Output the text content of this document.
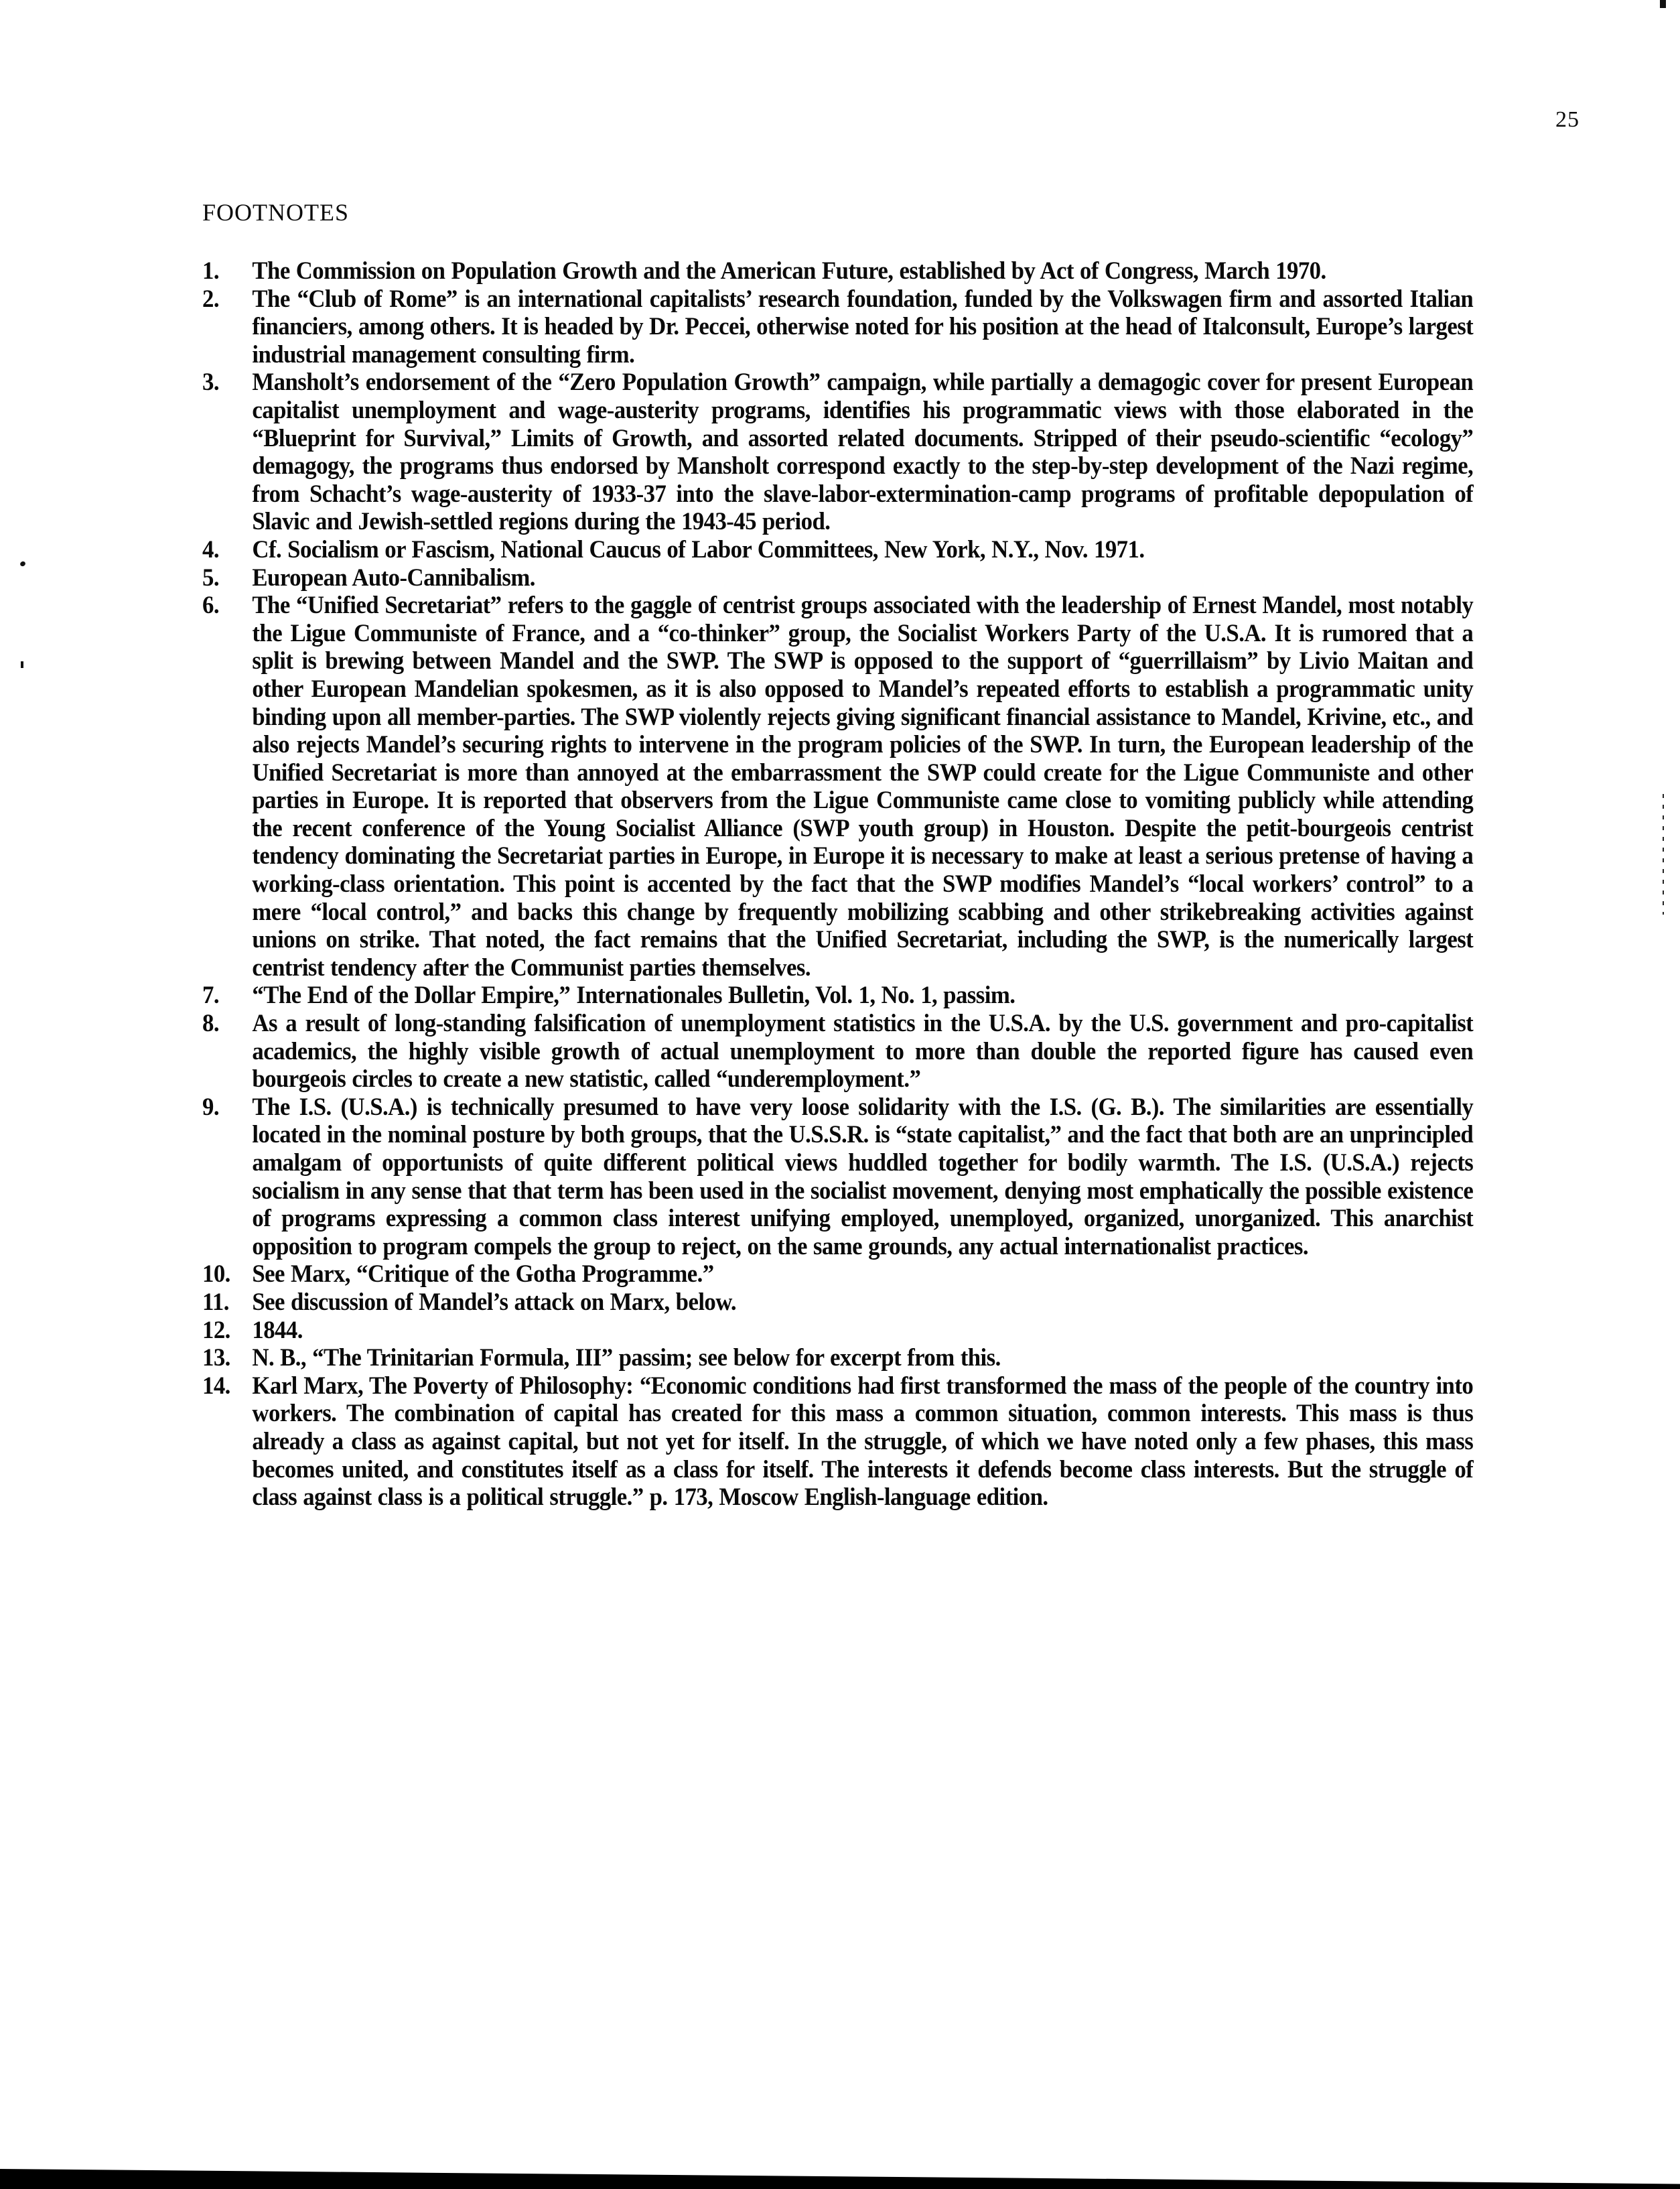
25
FOOTNOTES
1.	The Commission on Population Growth and the American Future, established by Act of Congress, March 1970.
2.	The “Club of Rome” is an international capitalists’ research foundation, funded by the Volkswagen firm and assorted Italian financiers, among others. It is headed by Dr. Peccei, otherwise noted for his position at the head of Italconsult, Europe’s largest industrial management consulting firm.
3.	Mansholt’s endorsement of the “Zero Population Growth” campaign, while partially a demagogic cover for present European capitalist unemployment and wage-austerity programs, identifies his programmatic views with those elaborated in the “Blueprint for Survival,” Limits of Growth, and assorted related documents. Stripped of their pseudo-scientific “ecology” demagogy, the programs thus endorsed by Mansholt correspond exactly to the step-by-step development of the Nazi regime, from Schacht’s wage-austerity of 1933-37 into the slave-labor-extermination-camp programs of profitable depopulation of Slavic and Jewish-settled regions during the 1943-45 period.
4.	Cf. Socialism or Fascism, National Caucus of Labor Committees, New York, N.Y., Nov. 1971.
5.	European Auto-Cannibalism.
6.	The “Unified Secretariat” refers to the gaggle of centrist groups associated with the leadership of Ernest Mandel, most notably the Ligue Communiste of France, and a “co-thinker” group, the Socialist Workers Party of the U.S.A. It is rumored that a split is brewing between Mandel and the SWP. The SWP is opposed to the support of “guerrillaism” by Livio Maitan and other European Mandelian spokesmen, as it is also opposed to Mandel’s repeated efforts to establish a programmatic unity binding upon all member-parties. The SWP violently rejects giving significant financial assistance to Mandel, Krivine, etc., and also rejects Mandel’s securing rights to intervene in the program policies of the SWP. In turn, the European leadership of the Unified Secretariat is more than annoyed at the embarrassment the SWP could create for the Ligue Communiste and other parties in Europe. It is reported that observers from the Ligue Communiste came close to vomiting publicly while attending the recent conference of the Young Socialist Alliance (SWP youth group) in Houston. Despite the petit-bourgeois centrist tendency dominating the Secretariat parties in Europe, in Europe it is necessary to make at least a serious pretense of having a working-class orientation. This point is accented by the fact that the SWP modifies Mandel’s “local workers’ control” to a mere “local control,” and backs this change by frequently mobilizing scabbing and other strikebreaking activities against unions on strike. That noted, the fact remains that the Unified Secretariat, including the SWP, is the numerically largest centrist tendency after the Communist parties themselves.
7.	“The End of the Dollar Empire,” Internationales Bulletin, Vol. 1, No. 1, passim.
8.	As a result of long-standing falsification of unemployment statistics in the U.S.A. by the U.S. government and pro-capitalist academics, the highly visible growth of actual unemployment to more than double the reported figure has caused even bourgeois circles to create a new statistic, called “underemployment.”
9.	The I.S. (U.S.A.) is technically presumed to have very loose solidarity with the I.S. (G. B.). The similarities are essentially located in the nominal posture by both groups, that the U.S.S.R. is “state capitalist,” and the fact that both are an unprincipled amalgam of opportunists of quite different political views huddled together for bodily warmth. The I.S. (U.S.A.) rejects socialism in any sense that that term has been used in the socialist movement, denying most emphatically the possible existence of programs expressing a common class interest unifying employed, unemployed, organized, unorganized. This anarchist opposition to program compels the group to reject, on the same grounds, any actual internationalist practices.
10. See Marx, “Critique of the Gotha Programme.”
11. See discussion of Mandel’s attack on Marx, below.
12. 1844.
13. N. B., “The Trinitarian Formula, III” passim; see below for excerpt from this.
14. Karl Marx, The Poverty of Philosophy: “Economic conditions had first transformed the mass of the people of the country into workers. The combination of capital has created for this mass a common situation, common interests. This mass is thus already a class as against capital, but not yet for itself. In the struggle, of which we have noted only a few phases, this mass becomes united, and constitutes itself as a class for itself. The interests it defends become class interests. But the struggle of class against class is a political struggle.” p. 173, Moscow English-language edition.
